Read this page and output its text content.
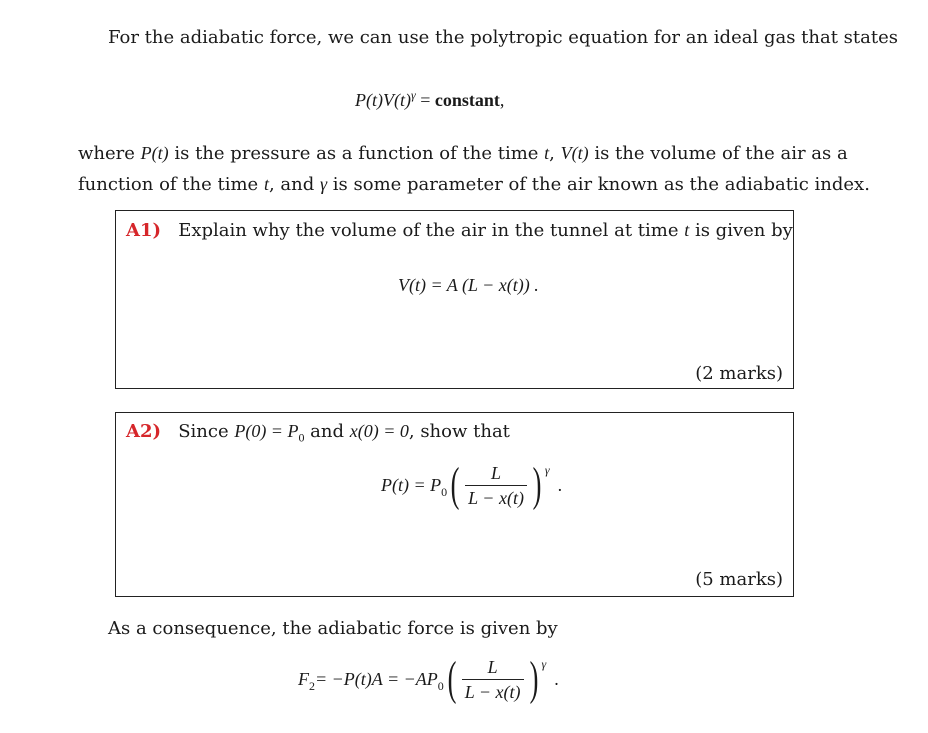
For the adiabatic force, we can use the polytropic equation for an ideal gas that states
$P(t)V(t)^\gamma$ = constant,
where P(t) is the pressure as a function of the time t, V(t) is the volume of the air as a
function of the time t, and γ is some parameter of the air known as the adiabatic index.
A1) Explain why the volume of the air in the tunnel at time t is given by
V(t) = A (L − x(t)) .
(2 marks)
A2) Since $P(0) = P_0$ and x(0) = 0, show that
$P(t) = P_0$ ( $\frac{L}{L - x(t)}$ ) $^\gamma$
.
(5 marks)
As a consequence, the adiabatic force is given by
$F_2 = -P(t)A = -AP_0$ ( $\frac{L}{L - x(t)}$ ) $^\gamma$
.
